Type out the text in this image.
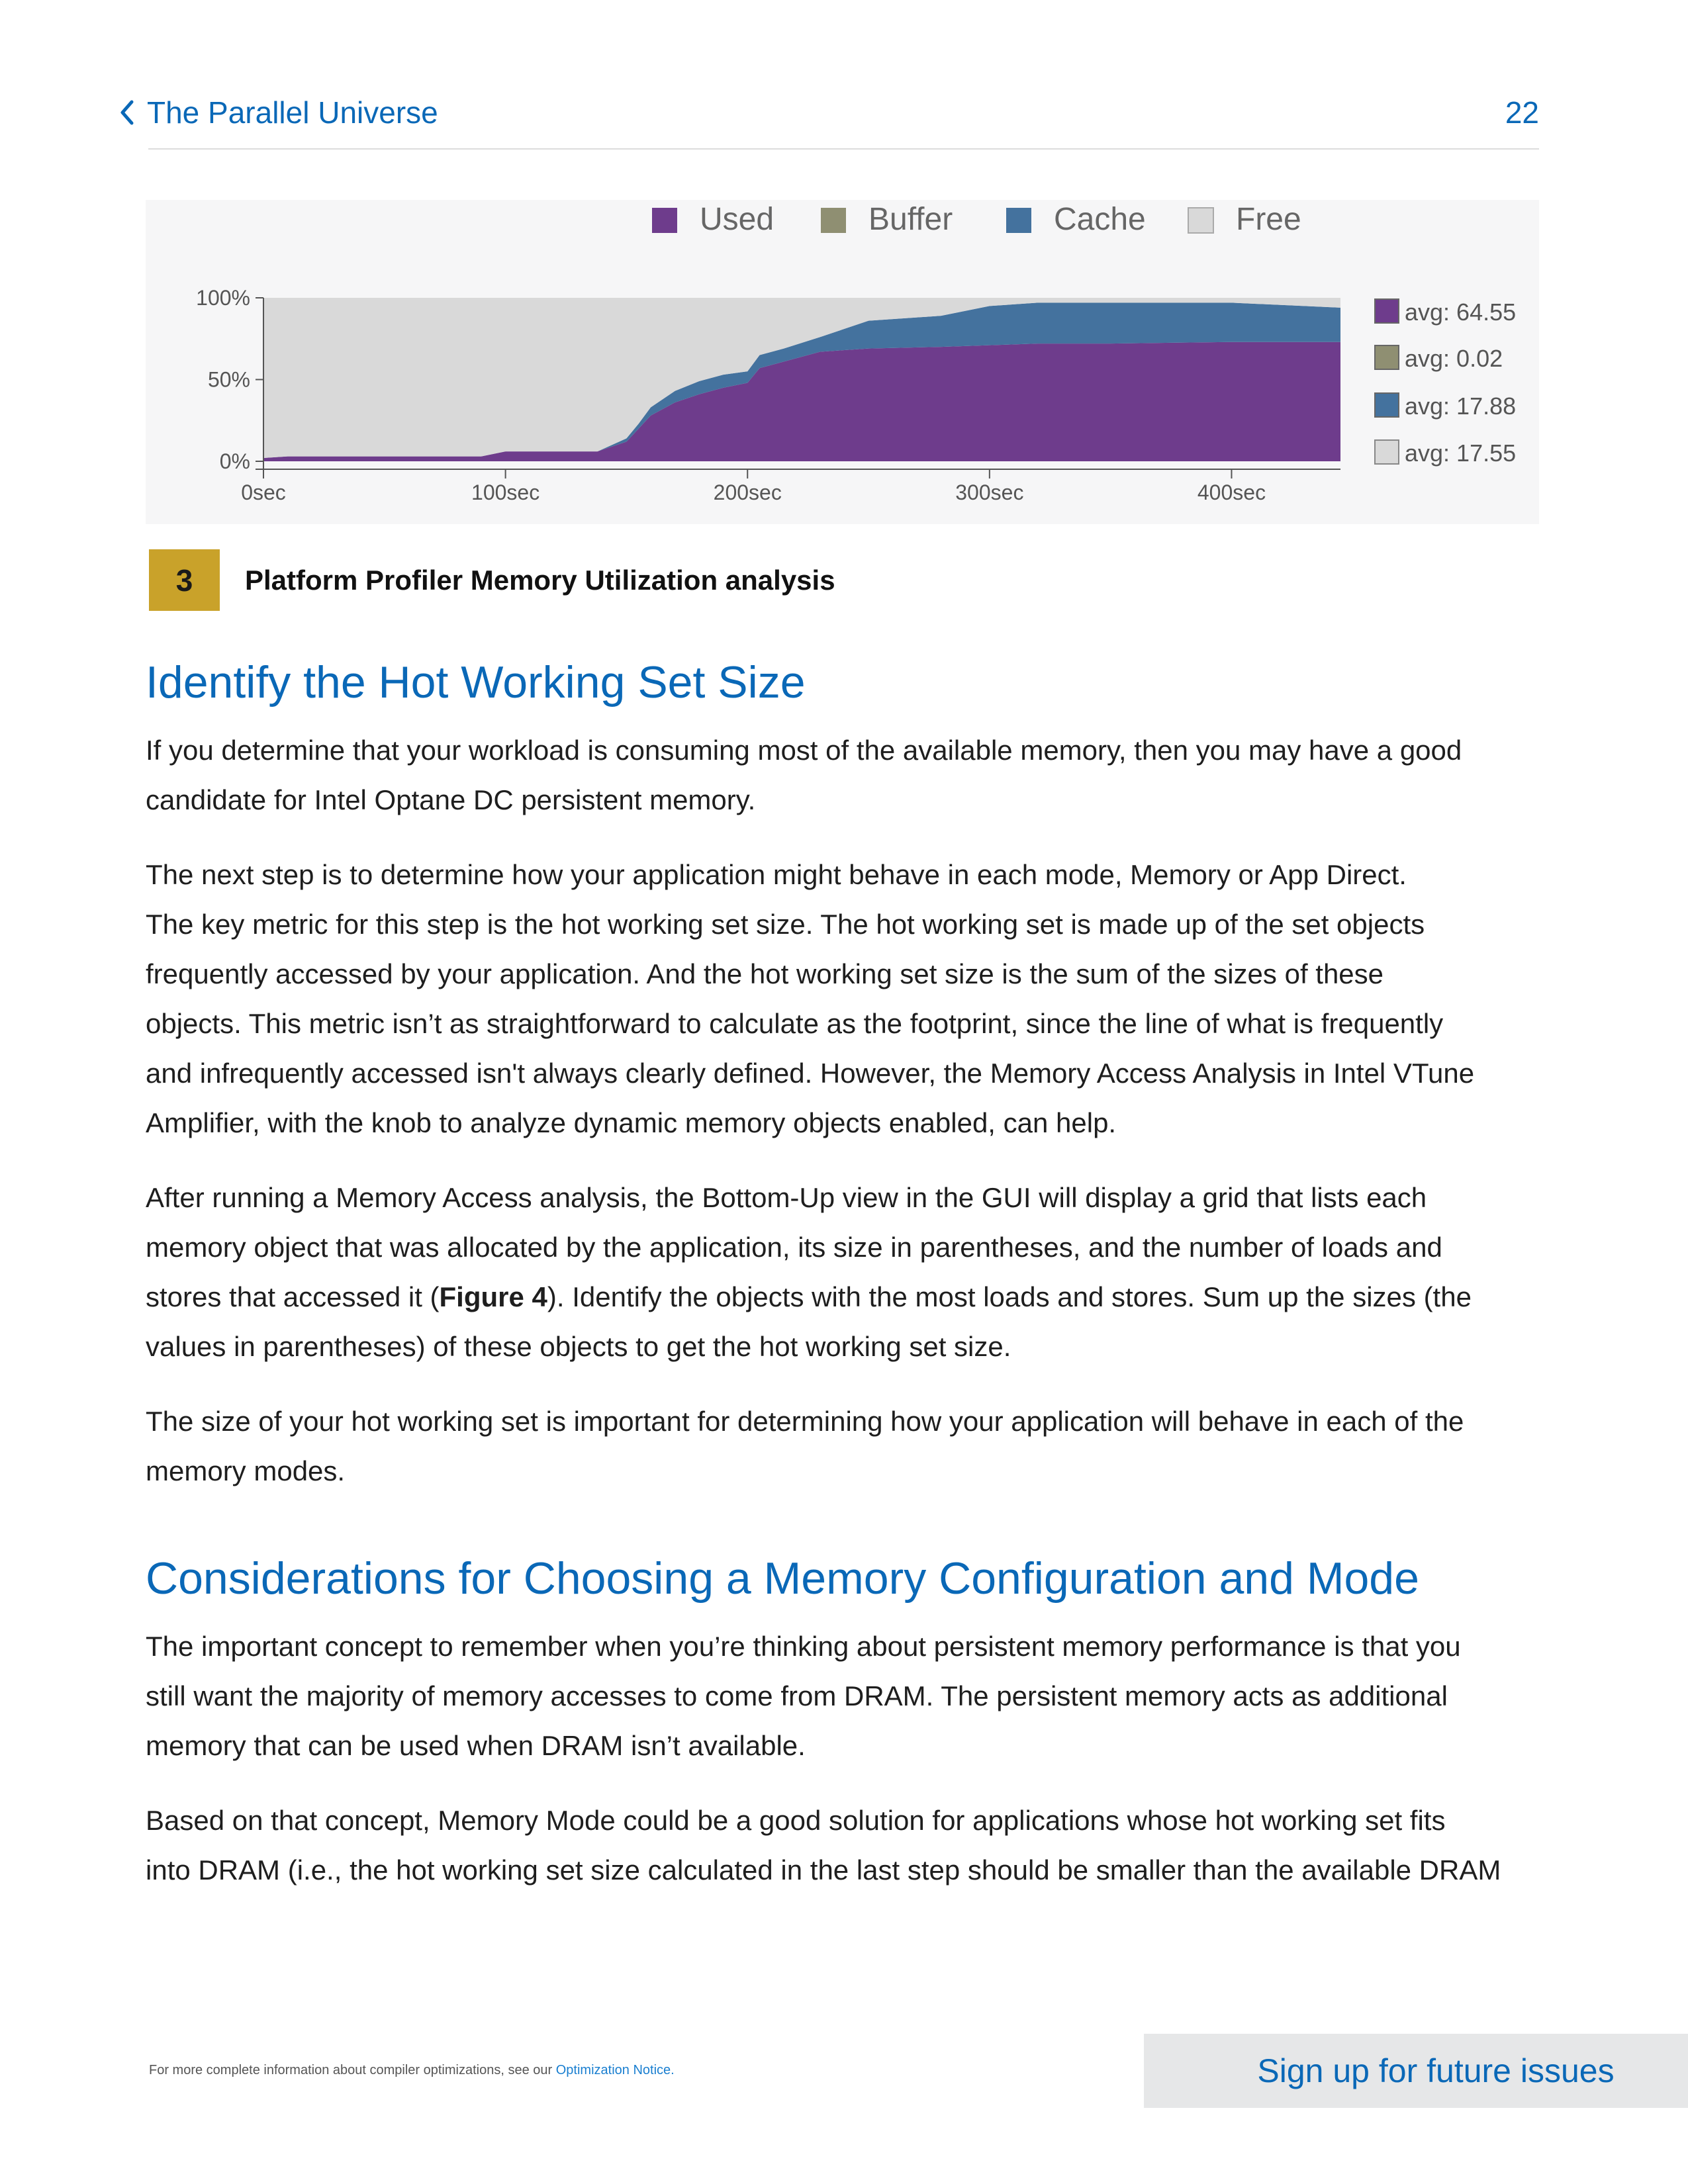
The Parallel Universe	22
0%
50%
100%
0sec	100sec	200sec	300sec	400sec
Used	Buffer	Cache	Free
avg: 64.55
avg: 0.02
avg: 17.88
avg: 17.55
3	Platform Profiler Memory Utilization analysis
Identify the Hot Working Set Size

If you determine that your workload is consuming most of the available memory, then you may have a good
candidate for Intel Optane DC persistent memory.

The next step is to determine how your application might behave in each mode, Memory or App Direct.
The key metric for this step is the hot working set size. The hot working set is made up of the set objects
frequently accessed by your application. And the hot working set size is the sum of the sizes of these
objects. This metric isn’t as straightforward to calculate as the footprint, since the line of what is frequently
and infrequently accessed isn't always clearly defined. However, the Memory Access Analysis in Intel VTune
Amplifier, with the knob to analyze dynamic memory objects enabled, can help.

After running a Memory Access analysis, the Bottom-Up view in the GUI will display a grid that lists each
memory object that was allocated by the application, its size in parentheses, and the number of loads and
stores that accessed it (Figure 4). Identify the objects with the most loads and stores. Sum up the sizes (the
values in parentheses) of these objects to get the hot working set size.

The size of your hot working set is important for determining how your application will behave in each of the
memory modes.

Considerations for Choosing a Memory Configuration and Mode

The important concept to remember when you’re thinking about persistent memory performance is that you
still want the majority of memory accesses to come from DRAM. The persistent memory acts as additional
memory that can be used when DRAM isn’t available.

Based on that concept, Memory Mode could be a good solution for applications whose hot working set fits
into DRAM (i.e., the hot working set size calculated in the last step should be smaller than the available DRAM

For more complete information about compiler optimizations, see our Optimization Notice.	Sign up for future issues
